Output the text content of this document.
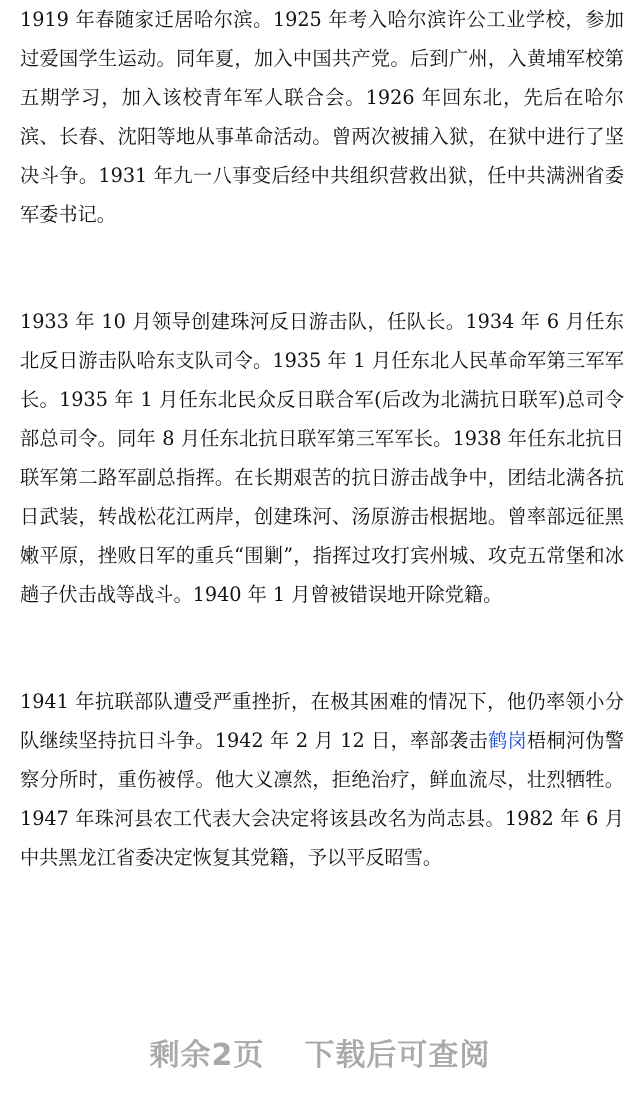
1919 年春随家迁居哈尔滨。1925 年考入哈尔滨许公工业学校，参加过爱国学生运动。同年夏，加入中国共产党。后到广州，入黄埔军校第五期学习，加入该校青年军人联合会。1926 年回东北，先后在哈尔滨、长春、沈阳等地从事革命活动。曾两次被捕入狱，在狱中进行了坚决斗争。1931 年九一八事变后经中共组织营救出狱，任中共满洲省委军委书记。

1933 年 10 月领导创建珠河反日游击队，任队长。1934 年 6 月任东北反日游击队哈东支队司令。1935 年 1 月任东北人民革命军第三军军长。1935 年 1 月任东北民众反日联合军(后改为北满抗日联军)总司令部总司令。同年 8 月任东北抗日联军第三军军长。1938 年任东北抗日联军第二路军副总指挥。在长期艰苦的抗日游击战争中，团结北满各抗日武装，转战松花江两岸，创建珠河、汤原游击根据地。曾率部远征黑嫩平原，挫败日军的重兵“围剿”，指挥过攻打宾州城、攻克五常堡和冰趟子伏击战等战斗。1940 年 1 月曾被错误地开除党籍。

1941 年抗联部队遭受严重挫折，在极其困难的情况下，他仍率领小分队继续坚持抗日斗争。1942 年 2 月 12 日，率部袭击鹤岗梧桐河伪警察分所时，重伤被俘。他大义凛然，拒绝治疗，鲜血流尽，壮烈牺牲。1947 年珠河县农工代表大会决定将该县改名为尚志县。1982 年 6 月中共黑龙江省委决定恢复其党籍，予以平反昭雪。

剩余2页 下载后可查阅
